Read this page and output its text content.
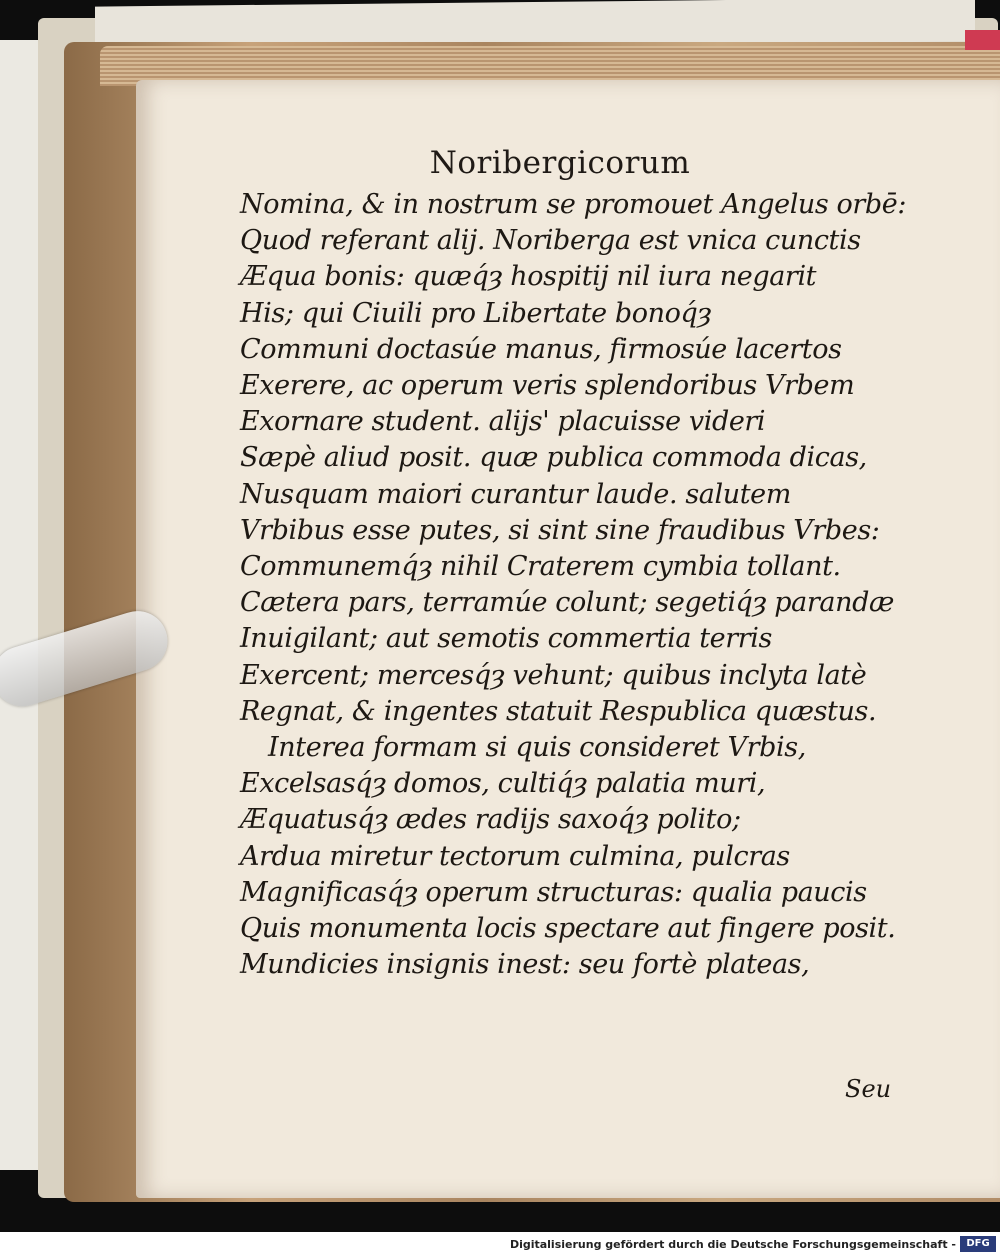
Noribergicorum
Nomina, & in nostrum se promouet Angelus orbē:
Quod referant alij. Noriberga est vnica cunctis
Æqua bonis: quæq́ȝ hospitij nil iura negarit
His; qui Ciuili pro Libertate bonoq́ȝ
Communi doctasúe manus, firmosúe lacertos
Exerere, ac operum veris splendoribus Vrbem
Exornare student. alijs' placuisse videri
Sæpè aliud posit. quæ publica commoda dicas,
Nusquam maiori curantur laude. salutem
Vrbibus esse putes, si sint sine fraudibus Vrbes:
Communemq́ȝ nihil Craterem cymbia tollant.
Cætera pars, terramúe colunt; segetiq́ȝ parandæ
Inuigilant; aut semotis commertia terris
Exercent; mercesq́ȝ vehunt; quibus inclyta latè
Regnat, & ingentes statuit Respublica quæstus.
Interea formam si quis consideret Vrbis,
Excelsasq́ȝ domos, cultiq́ȝ palatia muri,
Æquatusq́ȝ ædes radijs saxoq́ȝ polito;
Ardua miretur tectorum culmina, pulcras
Magnificasq́ȝ operum structuras: qualia paucis
Quis monumenta locis spectare aut fingere posit.
Mundicies insignis inest: seu fortè plateas,
Seu
Digitalisierung gefördert durch die Deutsche Forschungsgemeinschaft -	DFG
